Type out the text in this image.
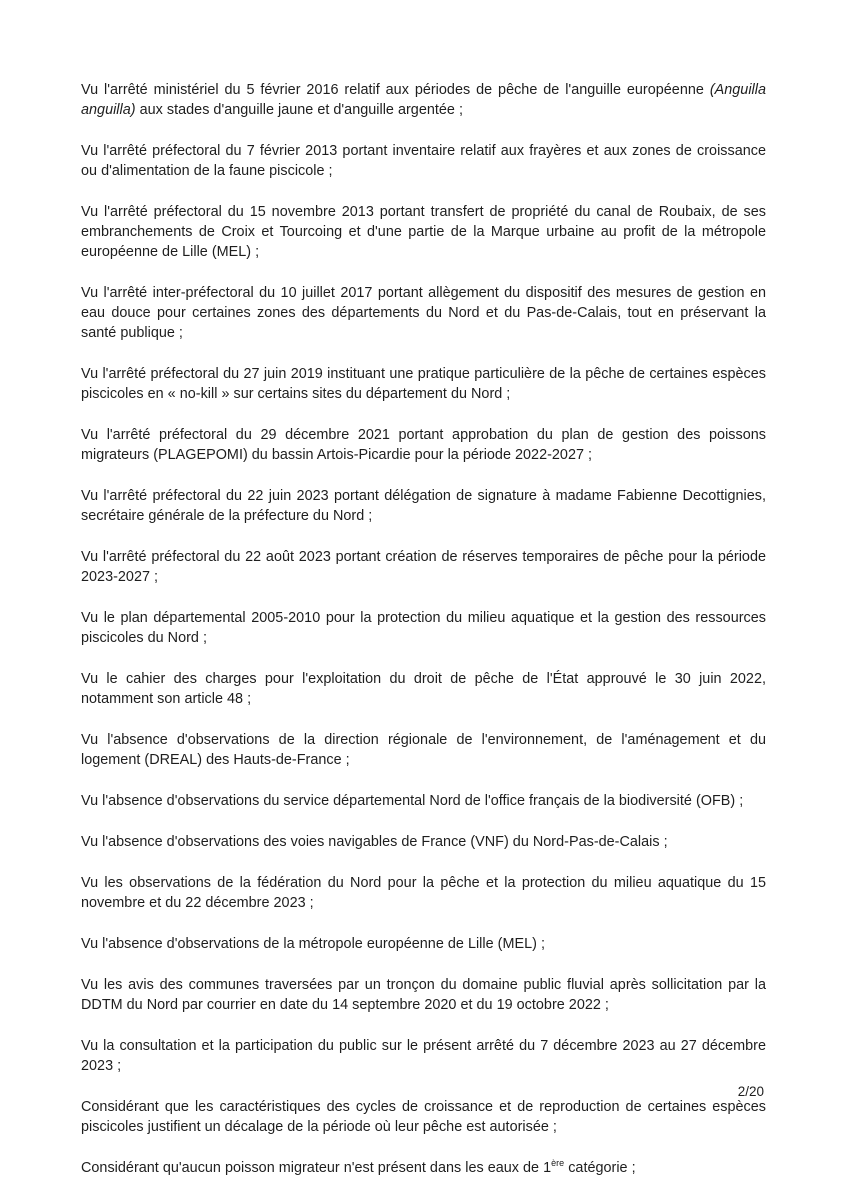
Vu l'arrêté ministériel du 5 février 2016 relatif aux périodes de pêche de l'anguille européenne (Anguilla anguilla) aux stades d'anguille jaune et d'anguille argentée ;

Vu l'arrêté préfectoral du 7 février 2013 portant inventaire relatif aux frayères et aux zones de croissance ou d'alimentation de la faune piscicole ;

Vu l'arrêté préfectoral du 15 novembre 2013 portant transfert de propriété du canal de Roubaix, de ses embranchements de Croix et Tourcoing et d'une partie de la Marque urbaine au profit de la métropole européenne de Lille (MEL) ;

Vu l'arrêté inter-préfectoral du 10 juillet 2017 portant allègement du dispositif des mesures de gestion en eau douce pour certaines zones des départements du Nord et du Pas-de-Calais, tout en préservant la santé publique ;

Vu l'arrêté préfectoral du 27 juin 2019 instituant une pratique particulière de la pêche de certaines espèces piscicoles en « no-kill » sur certains sites du département du Nord ;

Vu l'arrêté préfectoral du 29 décembre 2021 portant approbation du plan de gestion des poissons migrateurs (PLAGEPOMI) du bassin Artois-Picardie pour la période 2022-2027 ;

Vu l'arrêté préfectoral du 22 juin 2023 portant délégation de signature à madame Fabienne Decottignies, secrétaire générale de la préfecture du Nord ;

Vu l'arrêté préfectoral du 22 août 2023 portant création de réserves temporaires de pêche pour la période 2023-2027 ;

Vu le plan départemental 2005-2010 pour la protection du milieu aquatique et la gestion des ressources piscicoles du Nord ;

Vu le cahier des charges pour l'exploitation du droit de pêche de l'État approuvé le 30 juin 2022, notamment son article 48 ;

Vu l'absence d'observations de la direction régionale de l'environnement, de l'aménagement et du logement (DREAL) des Hauts-de-France ;

Vu l'absence d'observations du service départemental Nord de l'office français de la biodiversité (OFB) ;

Vu l'absence d'observations des voies navigables de France (VNF) du Nord-Pas-de-Calais ;

Vu les observations de la fédération du Nord pour la pêche et la protection du milieu aquatique du 15 novembre et du 22 décembre 2023 ;

Vu l'absence d'observations de la métropole européenne de Lille (MEL) ;

Vu les avis des communes traversées par un tronçon du domaine public fluvial après sollicitation par la DDTM du Nord par courrier en date du 14 septembre 2020 et du 19 octobre 2022 ;

Vu la consultation et la participation du public sur le présent arrêté du 7 décembre 2023 au 27 décembre 2023 ;

Considérant que les caractéristiques des cycles de croissance et de reproduction de certaines espèces piscicoles justifient un décalage de la période où leur pêche est autorisée ;

Considérant qu'aucun poisson migrateur n'est présent dans les eaux de 1ère catégorie ;

2/20
